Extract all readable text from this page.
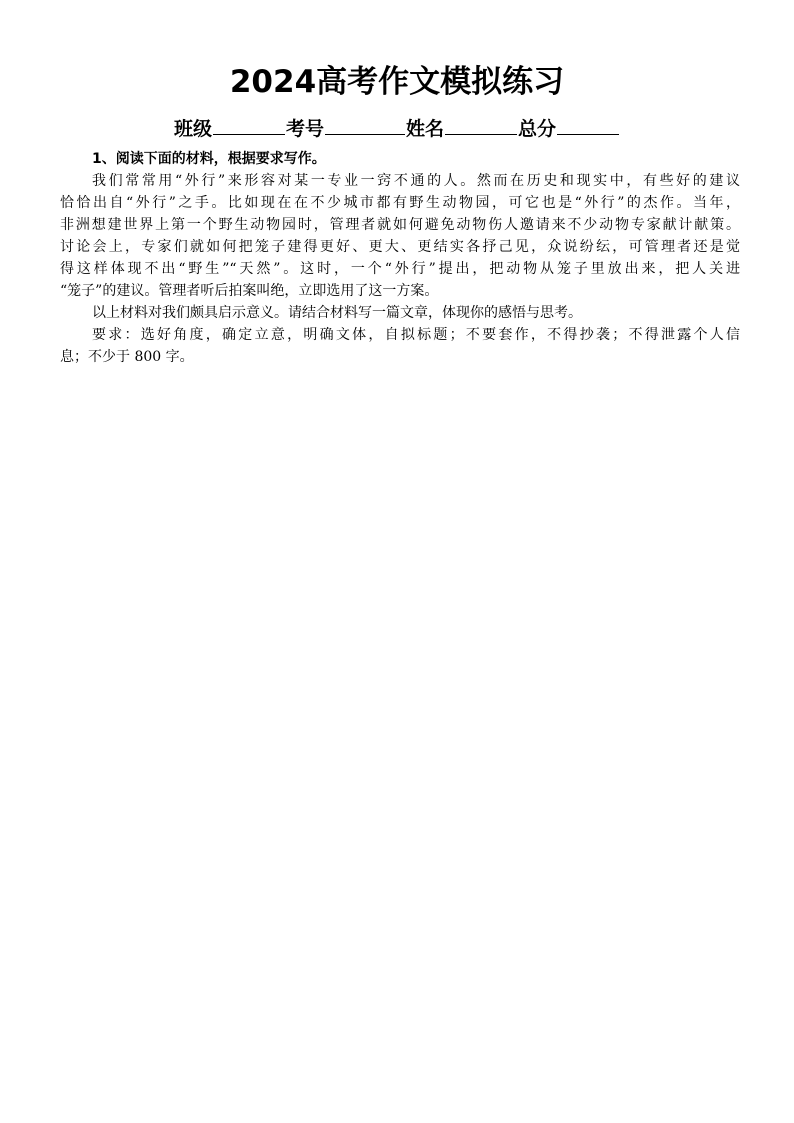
2024高考作文模拟练习
班级	考号	姓名	总分
1、阅读下面的材料，根据要求写作。
我们常常用“外行”来形容对某一专业一窍不通的人。然而在历史和现实中，有些好的建议
恰恰出自“外行”之手。比如现在在不少城市都有野生动物园，可它也是“外行”的杰作。当年，
非洲想建世界上第一个野生动物园时，管理者就如何避免动物伤人邀请来不少动物专家献计献策。
讨论会上，专家们就如何把笼子建得更好、更大、更结实各抒己见，众说纷纭，可管理者还是觉
得这样体现不出“野生”“天然”。这时，一个“外行”提出，把动物从笼子里放出来，把人关进
“笼子”的建议。管理者听后拍案叫绝，立即选用了这一方案。
以上材料对我们颇具启示意义。请结合材料写一篇文章，体现你的感悟与思考。
要求：选好角度，确定立意，明确文体，自拟标题；不要套作，不得抄袭；不得泄露个人信
息；不少于 800 字。
